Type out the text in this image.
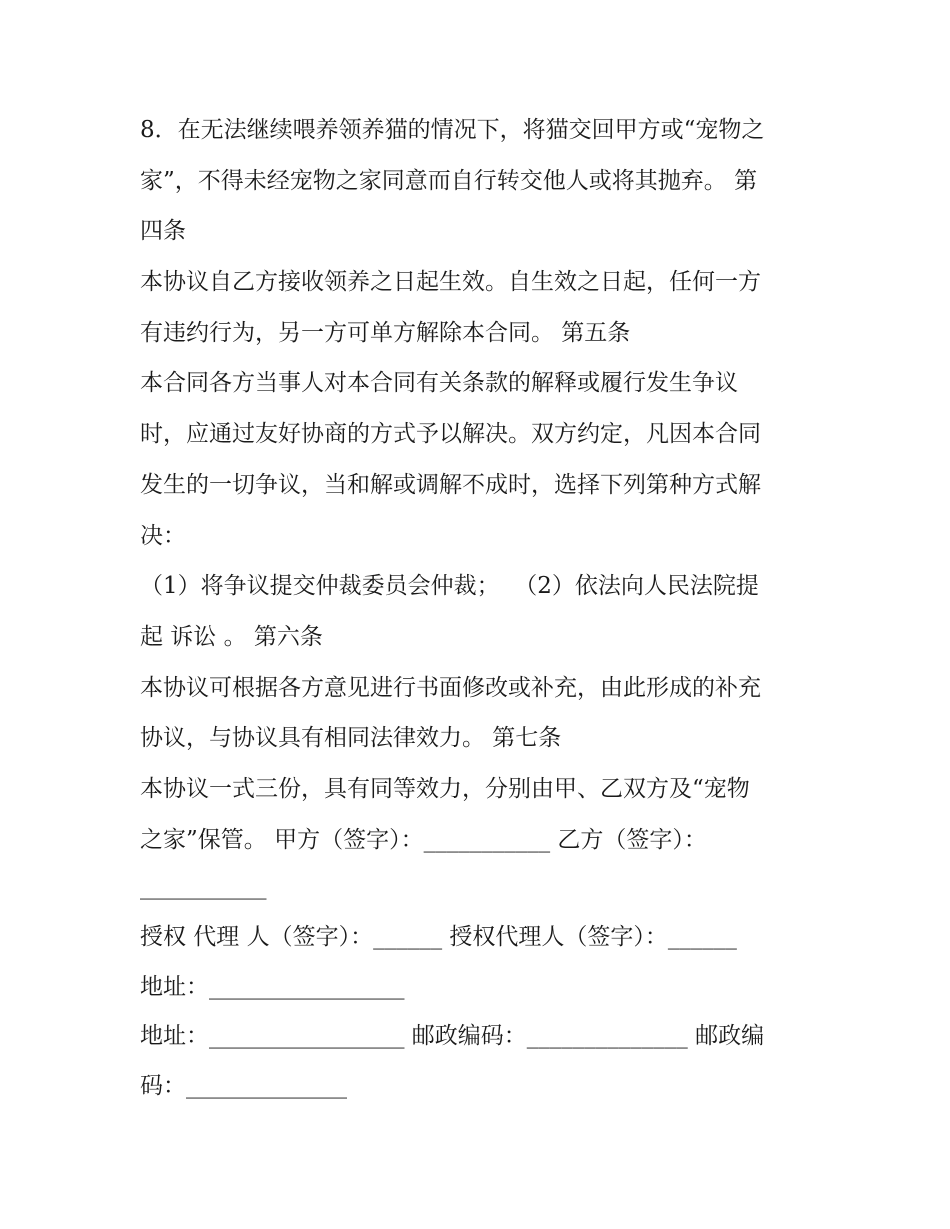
8．在无法继续喂养领养猫的情况下，将猫交回甲方或“宠物之
家”，不得未经宠物之家同意而自行转交他人或将其抛弃。 第
四条
本协议自乙方接收领养之日起生效。自生效之日起，任何一方
有违约行为，另一方可单方解除本合同。 第五条
本合同各方当事人对本合同有关条款的解释或履行发生争议
时，应通过友好协商的方式予以解决。双方约定，凡因本合同
发生的一切争议，当和解或调解不成时，选择下列第种方式解
决：
（1）将争议提交仲裁委员会仲裁；  （2）依法向人民法院提
起 诉讼 。 第六条
本协议可根据各方意见进行书面修改或补充，由此形成的补充
协议，与协议具有相同法律效力。 第七条
本协议一式三份，具有同等效力，分别由甲、乙双方及“宠物
之家”保管。 甲方（签字）：___________ 乙方（签字）：
___________
授权 代理 人（签字）：______ 授权代理人（签字）：______
地址：_________________
地址：_________________ 邮政编码：______________ 邮政编
码：______________
